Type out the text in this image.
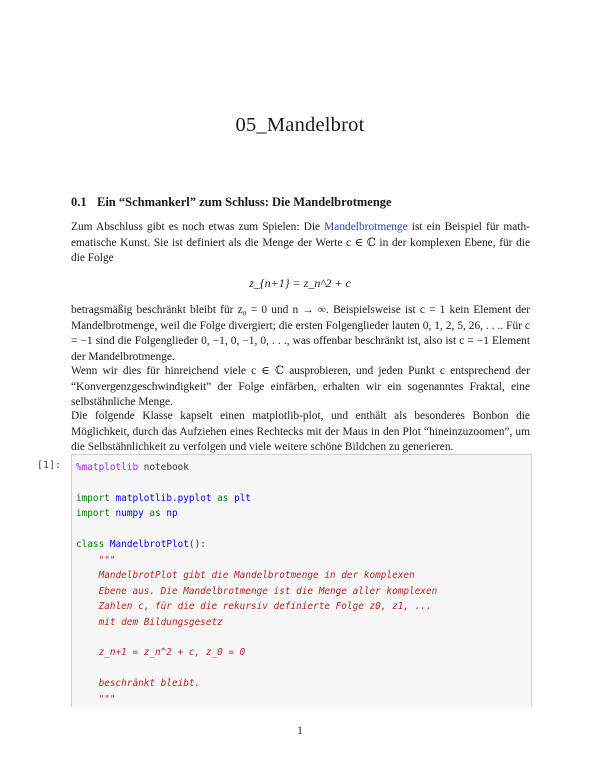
05_Mandelbrot
0.1 Ein “Schmankerl” zum Schluss: Die Mandelbrotmenge
Zum Abschluss gibt es noch etwas zum Spielen: Die Mandelbrotmenge ist ein Beispiel für math-ematische Kunst. Sie ist definiert als die Menge der Werte c ∈ ℂ in der komplexen Ebene, für die die Folge
z_{n+1} = z_n^2 + c
betragsmäßig beschränkt bleibt für z₀ = 0 und n → ∞. Beispielsweise ist c = 1 kein Element der Mandelbrotmenge, weil die Folge divergiert; die ersten Folgenglieder lauten 0, 1, 2, 5, 26, . . .. Für c = −1 sind die Folgenglieder 0, −1, 0, −1, 0, . . ., was offenbar beschränkt ist, also ist c = −1 Element der Mandelbrotmenge.
Wenn wir dies für hinreichend viele c ∈ ℂ ausprobieren, und jeden Punkt c entsprechend der “Konvergenzgeschwindigkeit” der Folge einfärben, erhalten wir ein sogenanntes Fraktal, eine selbstähnliche Menge.
Die folgende Klasse kapselt einen matplotlib-plot, und enthält als besonderes Bonbon die Möglichkeit, durch das Aufziehen eines Rechtecks mit der Maus in den Plot “hineinzuzoomen”, um die Selbstähnlichkeit zu verfolgen und viele weitere schöne Bildchen zu generieren.
[1]:	%matplotlib notebook

import matplotlib.pyplot as plt
import numpy as np

class MandelbrotPlot():
"""
MandelbrotPlot gibt die Mandelbrotmenge in der komplexen
Ebene aus. Die Mandelbrotmenge ist die Menge aller komplexen
Zahlen c, für die die rekursiv definierte Folge z0, z1, ...
mit dem Bildungsgesetz

z_n+1 = z_n^2 + c, z_0 = 0

beschränkt bleibt.
"""

1
